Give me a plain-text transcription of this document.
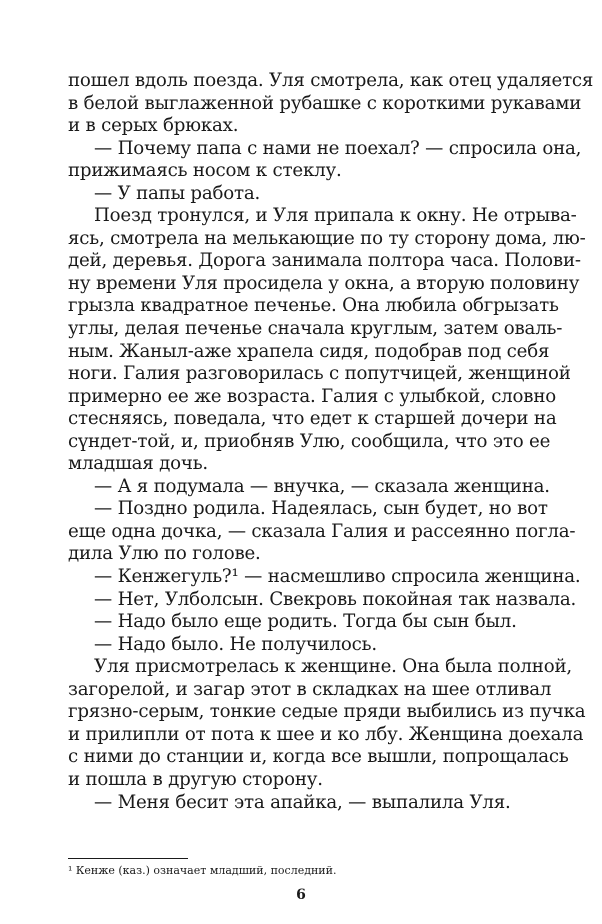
пошел вдоль поезда. Уля смотрела, как отец удаляется
в белой выглаженной рубашке с короткими рукавами
и в серых брюках.
— Почему папа с нами не поехал? — спросила она,
прижимаясь носом к стеклу.
— У папы работа.
Поезд тронулся, и Уля припала к окну. Не отрыва-
ясь, смотрела на мелькающие по ту сторону дома, лю-
дей, деревья. Дорога занимала полтора часа. Полови-
ну времени Уля просидела у окна, а вторую половину
грызла квадратное печенье. Она любила обгрызать
углы, делая печенье сначала круглым, затем оваль-
ным. Жаныл-аже храпела сидя, подобрав под себя
ноги. Галия разговорилась с попутчицей, женщиной
примерно ее же возраста. Галия с улыбкой, словно
стесняясь, поведала, что едет к старшей дочери на
сүндет-той, и, приобняв Улю, сообщила, что это ее
младшая дочь.
— А я подумала — внучка, — сказала женщина.
— Поздно родила. Надеялась, сын будет, но вот
еще одна дочка, — сказала Галия и рассеянно погла-
дила Улю по голове.
— Кенжегуль?¹ — насмешливо спросила женщина.
— Нет, Улболсын. Свекровь покойная так назвала.
— Надо было еще родить. Тогда бы сын был.
— Надо было. Не получилось.
Уля присмотрелась к женщине. Она была полной,
загорелой, и загар этот в складках на шее отливал
грязно-серым, тонкие седые пряди выбились из пучка
и прилипли от пота к шее и ко лбу. Женщина доехала
с ними до станции и, когда все вышли, попрощалась
и пошла в другую сторону.
— Меня бесит эта апайка, — выпалила Уля.
¹ Кенже (каз.) означает младший, последний.
6
